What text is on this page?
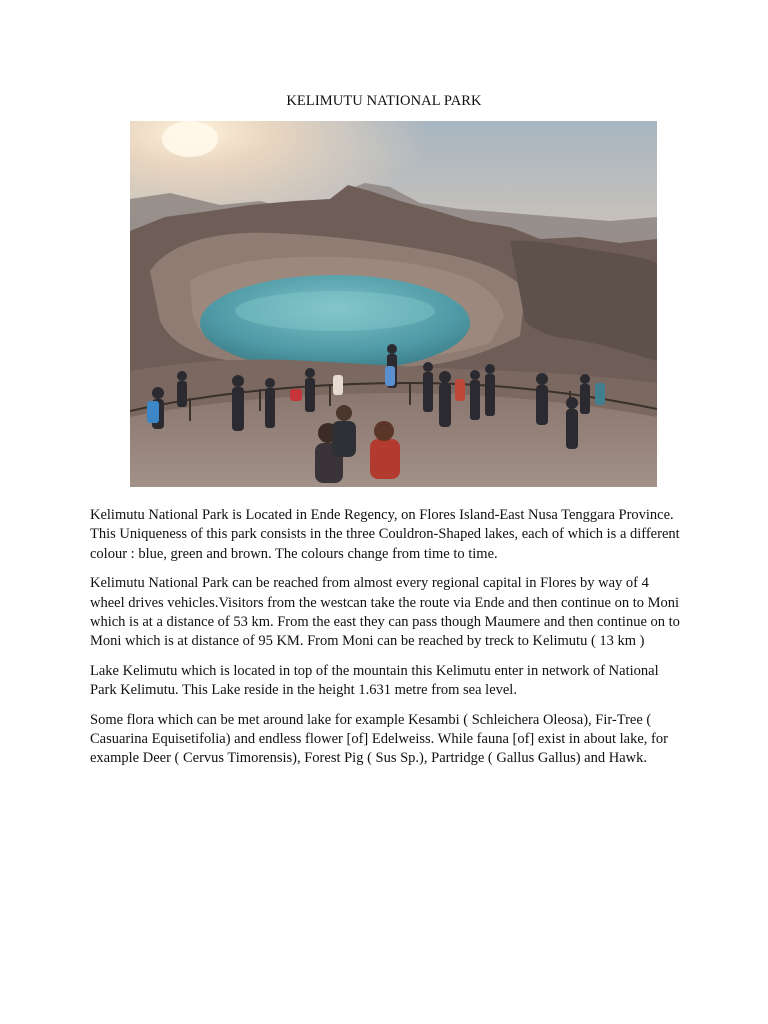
KELIMUTU NATIONAL PARK

Kelimutu National Park is Located in Ende Regency, on Flores Island-East Nusa Tenggara Province. This Uniqueness of this park consists in the three Couldron-Shaped lakes, each of which is a different colour : blue, green and brown. The colours change from time to time.

Kelimutu National Park can be reached from almost every regional capital in Flores by way of 4 wheel drives vehicles.Visitors from the westcan take the route via Ende and then continue on to Moni which is at a distance of 53 km. From the east they can pass though Maumere and then continue on to Moni which is at distance of 95 KM. From Moni can be reached by treck to Kelimutu ( 13 km )

Lake Kelimutu which is located in top of the mountain this Kelimutu enter in network of National Park Kelimutu. This Lake reside in the height 1.631 metre from sea level.

Some flora which can be met around lake for example Kesambi ( Schleichera Oleosa), Fir-Tree ( Casuarina Equisetifolia) and endless flower [of] Edelweiss. While fauna [of] exist in about lake, for example Deer ( Cervus Timorensis), Forest Pig ( Sus Sp.), Partridge ( Gallus Gallus) and Hawk.
